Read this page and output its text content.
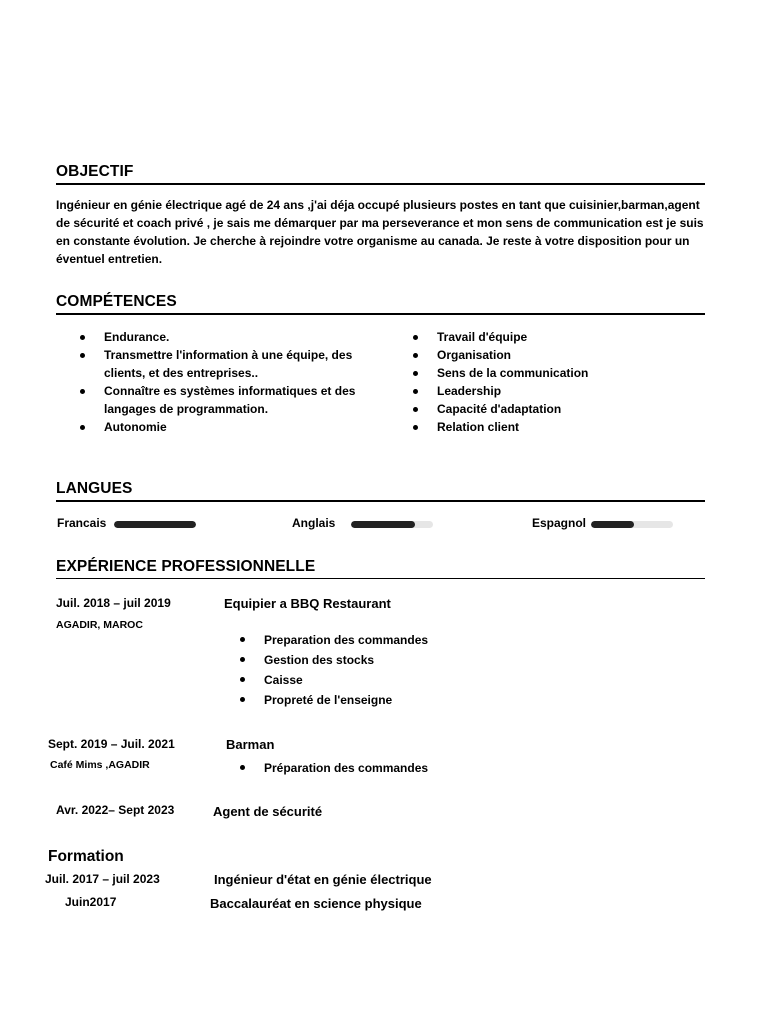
OBJECTIF
Ingénieur en génie électrique agé de 24 ans ,j'ai déja occupé plusieurs postes en tant que cuisinier,barman,agent de sécurité et coach privé , je sais me démarquer par ma perseverance et mon sens de communication est je suis en constante évolution. Je cherche à rejoindre votre organisme au canada. Je reste à votre disposition pour un éventuel entretien.
COMPÉTENCES
Endurance.
Transmettre l'information à une équipe, des clients, et des entreprises..
Connaître es systèmes informatiques et des langages de programmation.
Autonomie
Travail d'équipe
Organisation
Sens de la communication
Leadership
Capacité d'adaptation
Relation client
LANGUES
Francais	Anglais	Espagnol
EXPÉRIENCE PROFESSIONNELLE
Juil. 2018 – juil 2019
AGADIR, MAROC
Equipier a BBQ Restaurant
Preparation des commandes
Gestion des stocks
Caisse
Propreté de l'enseigne
Sept. 2019 – Juil. 2021
Café Mims ,AGADIR
Barman
Préparation des commandes
Avr. 2022– Sept 2023	Agent de sécurité
Formation
Juil. 2017 – juil 2023	Ingénieur d'état en génie électrique
Juin2017	Baccalauréat en science physique
